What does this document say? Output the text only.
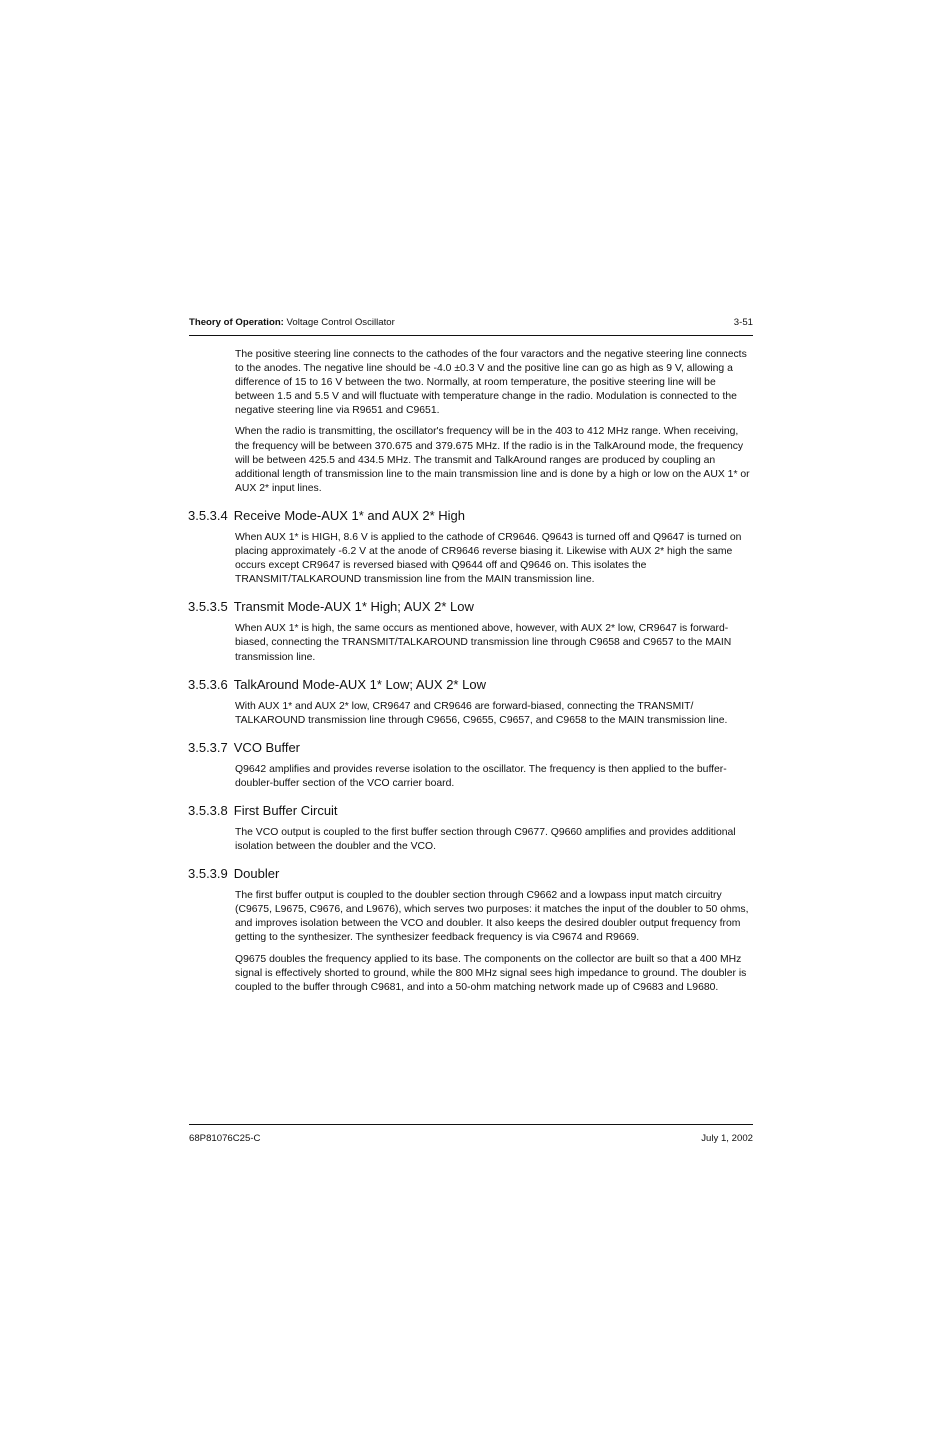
Theory of Operation: Voltage Control Oscillator	3-51

The positive steering line connects to the cathodes of the four varactors and the negative steering line connects to the anodes. The negative line should be -4.0 ±0.3 V and the positive line can go as high as 9 V, allowing a difference of 15 to 16 V between the two. Normally, at room temperature, the positive steering line will be between 1.5 and 5.5 V and will fluctuate with temperature change in the radio. Modulation is connected to the negative steering line via R9651 and C9651.

When the radio is transmitting, the oscillator's frequency will be in the 403 to 412 MHz range. When receiving, the frequency will be between 370.675 and 379.675 MHz. If the radio is in the TalkAround mode, the frequency will be between 425.5 and 434.5 MHz. The transmit and TalkAround ranges are produced by coupling an additional length of transmission line to the main transmission line and is done by a high or low on the AUX 1* or AUX 2* input lines.

3.5.3.4 Receive Mode-AUX 1* and AUX 2* High

When AUX 1* is HIGH, 8.6 V is applied to the cathode of CR9646. Q9643 is turned off and Q9647 is turned on placing approximately -6.2 V at the anode of CR9646 reverse biasing it. Likewise with AUX 2* high the same occurs except CR9647 is reversed biased with Q9644 off and Q9646 on. This isolates the TRANSMIT/TALKAROUND transmission line from the MAIN transmission line.

3.5.3.5 Transmit Mode-AUX 1* High; AUX 2* Low

When AUX 1* is high, the same occurs as mentioned above, however, with AUX 2* low, CR9647 is forward-biased, connecting the TRANSMIT/TALKAROUND transmission line through C9658 and C9657 to the MAIN transmission line.

3.5.3.6 TalkAround Mode-AUX 1* Low; AUX 2* Low

With AUX 1* and AUX 2* low, CR9647 and CR9646 are forward-biased, connecting the TRANSMIT/ TALKAROUND transmission line through C9656, C9655, C9657, and C9658 to the MAIN transmission line.

3.5.3.7 VCO Buffer

Q9642 amplifies and provides reverse isolation to the oscillator. The frequency is then applied to the buffer-doubler-buffer section of the VCO carrier board.

3.5.3.8 First Buffer Circuit

The VCO output is coupled to the first buffer section through C9677. Q9660 amplifies and provides additional isolation between the doubler and the VCO.

3.5.3.9 Doubler

The first buffer output is coupled to the doubler section through C9662 and a lowpass input match circuitry (C9675, L9675, C9676, and L9676), which serves two purposes: it matches the input of the doubler to 50 ohms, and improves isolation between the VCO and doubler. It also keeps the desired doubler output frequency from getting to the synthesizer. The synthesizer feedback frequency is via C9674 and R9669.

Q9675 doubles the frequency applied to its base. The components on the collector are built so that a 400 MHz signal is effectively shorted to ground, while the 800 MHz signal sees high impedance to ground. The doubler is coupled to the buffer through C9681, and into a 50-ohm matching network made up of C9683 and L9680.

68P81076C25-C	July 1, 2002
